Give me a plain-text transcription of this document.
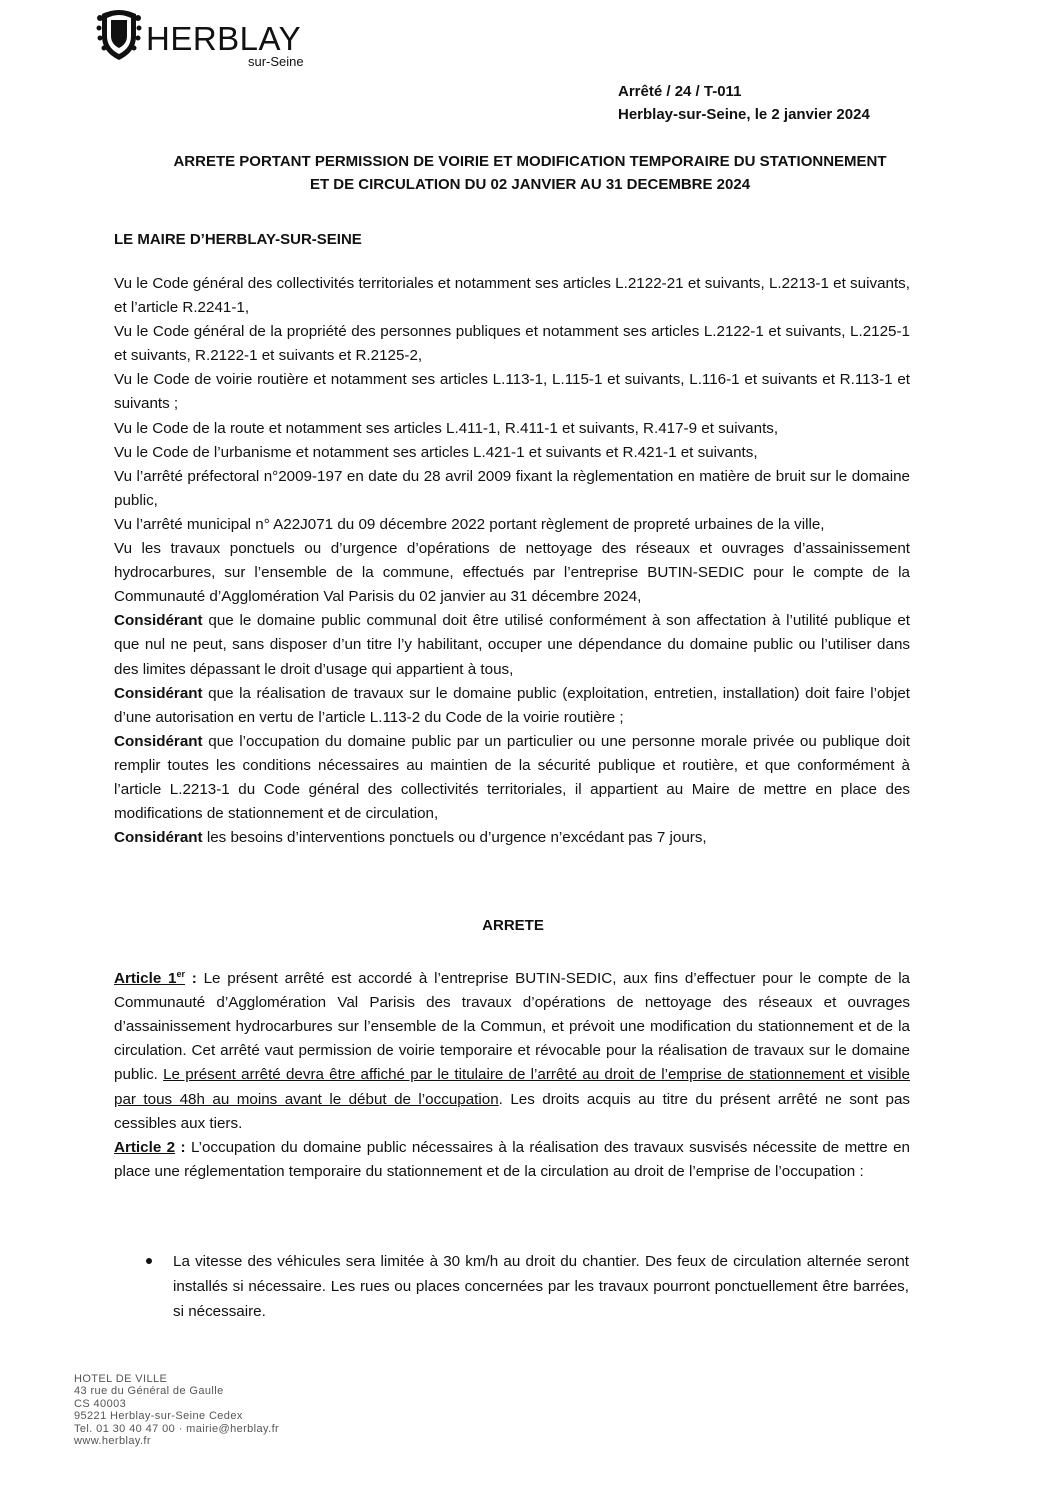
HERBLAY
sur-Seine
Arrêté / 24 / T-011
Herblay-sur-Seine, le 2 janvier 2024
ARRETE PORTANT PERMISSION DE VOIRIE ET MODIFICATION TEMPORAIRE DU STATIONNEMENT
ET DE CIRCULATION DU 02 JANVIER AU 31 DECEMBRE 2024
LE MAIRE D’HERBLAY-SUR-SEINE

Vu le Code général des collectivités territoriales et notamment ses articles L.2122-21 et suivants, L.2213-1 et suivants, et l’article R.2241-1,

Vu le Code général de la propriété des personnes publiques et notamment ses articles L.2122-1 et suivants, L.2125-1 et suivants, R.2122-1 et suivants et R.2125-2,

Vu le Code de voirie routière et notamment ses articles L.113-1, L.115-1 et suivants, L.116-1 et suivants et R.113-1 et suivants ;

Vu le Code de la route et notamment ses articles L.411-1, R.411-1 et suivants, R.417-9 et suivants,

Vu le Code de l’urbanisme et notamment ses articles L.421-1 et suivants et R.421-1 et suivants,

Vu l’arrêté préfectoral n°2009-197 en date du 28 avril 2009 fixant la règlementation en matière de bruit sur le domaine public,

Vu l’arrêté municipal n° A22J071 du 09 décembre 2022 portant règlement de propreté urbaines de la ville,

Vu les travaux ponctuels ou d’urgence d’opérations de nettoyage des réseaux et ouvrages d’assainissement hydrocarbures, sur l’ensemble de la commune, effectués par l’entreprise BUTIN-SEDIC pour le compte de la Communauté d’Agglomération Val Parisis du 02 janvier au 31 décembre 2024,

Considérant que le domaine public communal doit être utilisé conformément à son affectation à l’utilité publique et que nul ne peut, sans disposer d’un titre l’y habilitant, occuper une dépendance du domaine public ou l’utiliser dans des limites dépassant le droit d’usage qui appartient à tous,

Considérant que la réalisation de travaux sur le domaine public (exploitation, entretien, installation) doit faire l’objet d’une autorisation en vertu de l’article L.113-2 du Code de la voirie routière ;

Considérant que l’occupation du domaine public par un particulier ou une personne morale privée ou publique doit remplir toutes les conditions nécessaires au maintien de la sécurité publique et routière, et que conformément à l’article L.2213-1 du Code général des collectivités territoriales, il appartient au Maire de mettre en place des modifications de stationnement et de circulation,

Considérant les besoins d’interventions ponctuels ou d’urgence n’excédant pas 7 jours,

ARRETE

Article 1er : Le présent arrêté est accordé à l’entreprise BUTIN-SEDIC, aux fins d’effectuer pour le compte de la Communauté d’Agglomération Val Parisis des travaux d’opérations de nettoyage des réseaux et ouvrages d’assainissement hydrocarbures sur l’ensemble de la Commun, et prévoit une modification du stationnement et de la circulation. Cet arrêté vaut permission de voirie temporaire et révocable pour la réalisation de travaux sur le domaine public. Le présent arrêté devra être affiché par le titulaire de l’arrêté au droit de l’emprise de stationnement et visible par tous 48h au moins avant le début de l’occupation. Les droits acquis au titre du présent arrêté ne sont pas cessibles aux tiers.

Article 2 : L’occupation du domaine public nécessaires à la réalisation des travaux susvisés nécessite de mettre en place une réglementation temporaire du stationnement et de la circulation au droit de l’emprise de l’occupation :

La vitesse des véhicules sera limitée à 30 km/h au droit du chantier. Des feux de circulation alternée seront installés si nécessaire. Les rues ou places concernées par les travaux pourront ponctuellement être barrées, si nécessaire.
HOTEL DE VILLE
43 rue du Général de Gaulle
CS 40003
95221 Herblay-sur-Seine Cedex
Tel. 01 30 40 47 00 · mairie@herblay.fr
www.herblay.fr
